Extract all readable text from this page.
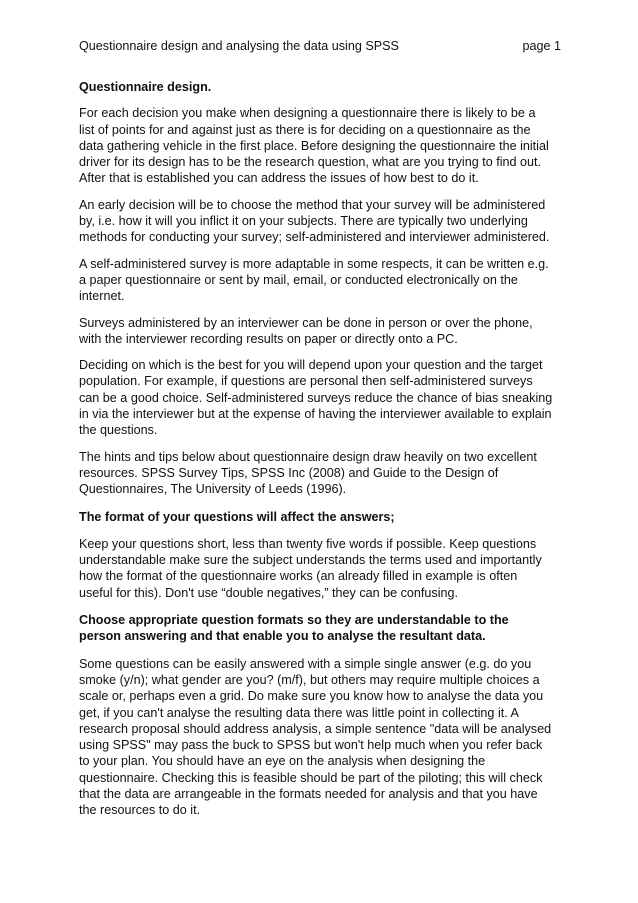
Questionnaire design and analysing the data using SPSS	page 1

Questionnaire design.

For each decision you make when designing a questionnaire there is likely to be a
list of points for and against just as there is for deciding on a questionnaire as the
data gathering vehicle in the first place. Before designing the questionnaire the initial
driver for its design has to be the research question, what are you trying to find out.
After that is established you can address the issues of how best to do it.

An early decision will be to choose the method that your survey will be administered
by, i.e. how it will you inflict it on your subjects. There are typically two underlying
methods for conducting your survey; self-administered and interviewer administered.

A self-administered survey is more adaptable in some respects, it can be written e.g.
a paper questionnaire or sent by mail, email, or conducted electronically on the
internet.

Surveys administered by an interviewer can be done in person or over the phone,
with the interviewer recording results on paper or directly onto a PC.

Deciding on which is the best for you will depend upon your question and the target
population. For example, if questions are personal then self-administered surveys
can be a good choice. Self-administered surveys reduce the chance of bias sneaking
in via the interviewer but at the expense of having the interviewer available to explain
the questions.

The hints and tips below about questionnaire design draw heavily on two excellent
resources. SPSS Survey Tips, SPSS Inc (2008) and Guide to the Design of
Questionnaires, The University of Leeds (1996).

The format of your questions will affect the answers;

Keep your questions short, less than twenty five words if possible. Keep questions
understandable make sure the subject understands the terms used and importantly
how the format of the questionnaire works (an already filled in example is often
useful for this). Don't use “double negatives,” they can be confusing.

Choose appropriate question formats so they are understandable to the
person answering and that enable you to analyse the resultant data.

Some questions can be easily answered with a simple single answer (e.g. do you
smoke (y/n); what gender are you? (m/f), but others may require multiple choices a
scale or, perhaps even a grid. Do make sure you know how to analyse the data you
get, if you can't analyse the resulting data there was little point in collecting it. A
research proposal should address analysis, a simple sentence "data will be analysed
using SPSS" may pass the buck to SPSS but won't help much when you refer back
to your plan. You should have an eye on the analysis when designing the
questionnaire. Checking this is feasible should be part of the piloting; this will check
that the data are arrangeable in the formats needed for analysis and that you have
the resources to do it.
